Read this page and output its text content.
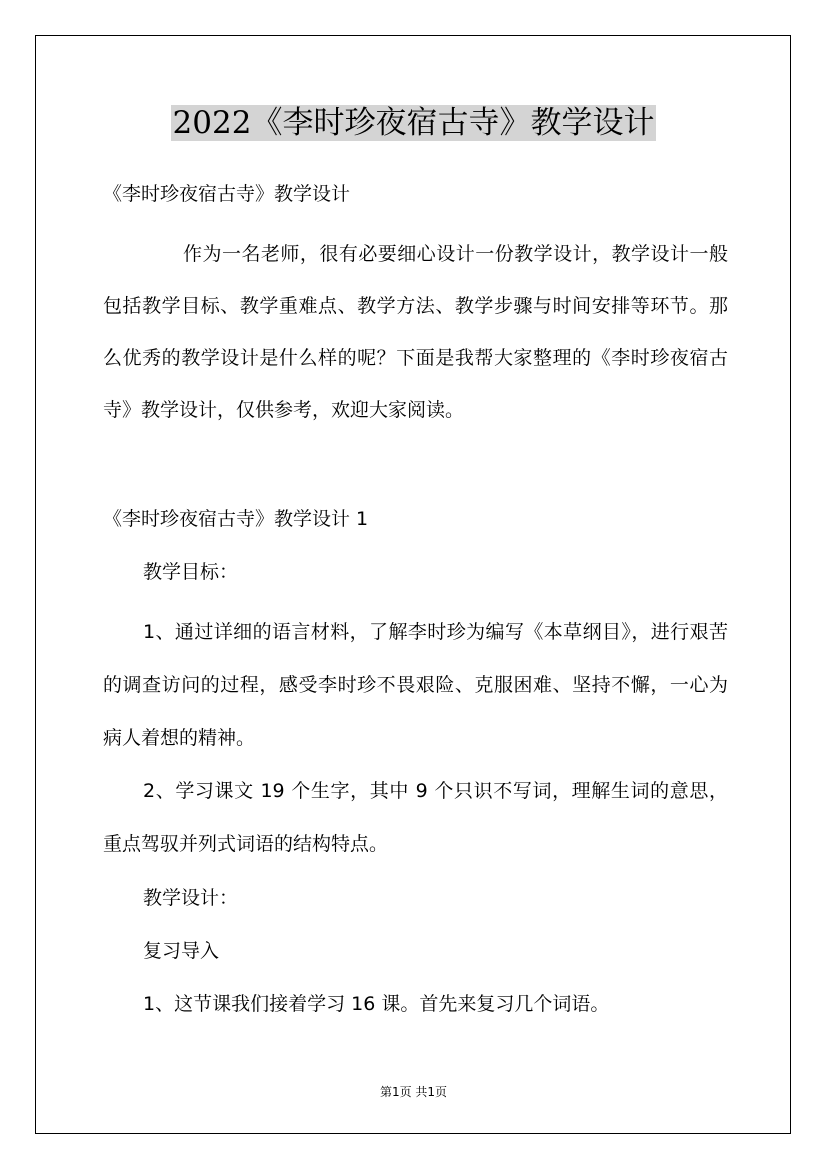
2022《李时珍夜宿古寺》教学设计
《李时珍夜宿古寺》教学设计
作为一名老师，很有必要细心设计一份教学设计，教学设计一般包括教学目标、教学重难点、教学方法、教学步骤与时间安排等环节。那么优秀的教学设计是什么样的呢？下面是我帮大家整理的《李时珍夜宿古寺》教学设计，仅供参考，欢迎大家阅读。
《李时珍夜宿古寺》教学设计 1
教学目标：
1、通过详细的语言材料，了解李时珍为编写《本草纲目》，进行艰苦的调查访问的过程，感受李时珍不畏艰险、克服困难、坚持不懈，一心为病人着想的精神。
2、学习课文 19 个生字，其中 9 个只识不写词，理解生词的意思，重点驾驭并列式词语的结构特点。
教学设计：
复习导入
1、这节课我们接着学习 16 课。首先来复习几个词语。
第1页 共1页
